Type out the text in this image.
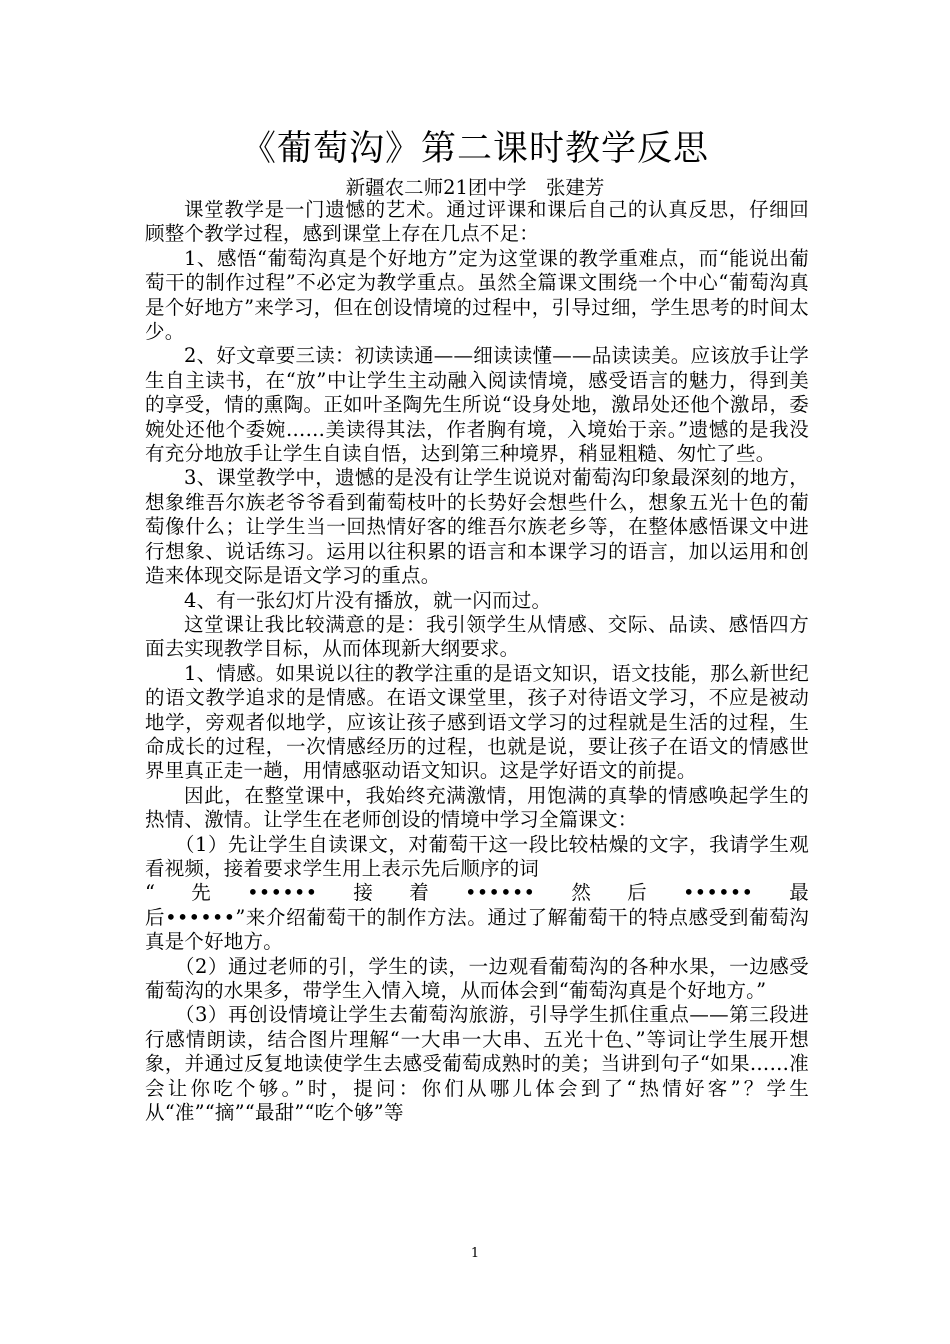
《葡萄沟》第二课时教学反思
新疆农二师21团中学　张建芳

课堂教学是一门遗憾的艺术。通过评课和课后自己的认真反思，仔细回顾整个教学过程，感到课堂上存在几点不足：

1、感悟“葡萄沟真是个好地方”定为这堂课的教学重难点，而“能说出葡萄干的制作过程”不必定为教学重点。虽然全篇课文围绕一个中心“葡萄沟真是个好地方”来学习，但在创设情境的过程中，引导过细，学生思考的时间太少。

2、好文章要三读：初读读通——细读读懂——品读读美。应该放手让学生自主读书，在“放”中让学生主动融入阅读情境，感受语言的魅力，得到美的享受，情的熏陶。正如叶圣陶先生所说“设身处地，激昂处还他个激昂，委婉处还他个委婉……美读得其法，作者胸有境，入境始于亲。”遗憾的是我没有充分地放手让学生自读自悟，达到第三种境界，稍显粗糙、匆忙了些。

3、课堂教学中，遗憾的是没有让学生说说对葡萄沟印象最深刻的地方，想象维吾尔族老爷爷看到葡萄枝叶的长势好会想些什么，想象五光十色的葡萄像什么；让学生当一回热情好客的维吾尔族老乡等，在整体感悟课文中进行想象、说话练习。运用以往积累的语言和本课学习的语言，加以运用和创造来体现交际是语文学习的重点。

4、有一张幻灯片没有播放，就一闪而过。

这堂课让我比较满意的是：我引领学生从情感、交际、品读、感悟四方面去实现教学目标，从而体现新大纲要求。

1、情感。如果说以往的教学注重的是语文知识，语文技能，那么新世纪的语文教学追求的是情感。在语文课堂里，孩子对待语文学习，不应是被动地学，旁观者似地学，应该让孩子感到语文学习的过程就是生活的过程，生命成长的过程，一次情感经历的过程，也就是说，要让孩子在语文的情感世界里真正走一趟，用情感驱动语文知识。这是学好语文的前提。

因此，在整堂课中，我始终充满激情，用饱满的真挚的情感唤起学生的热情、激情。让学生在老师创设的情境中学习全篇课文：

（1）先让学生自读课文，对葡萄干这一段比较枯燥的文字，我请学生观看视频，接着要求学生用上表示先后顺序的词

“先••••••接着••••••然后••••••最

后••••••”来介绍葡萄干的制作方法。通过了解葡萄干的特点感受到葡萄沟真是个好地方。

（2）通过老师的引，学生的读，一边观看葡萄沟的各种水果，一边感受葡萄沟的水果多，带学生入情入境，从而体会到“葡萄沟真是个好地方。”

（3）再创设情境让学生去葡萄沟旅游，引导学生抓住重点——第三段进行感情朗读，结合图片理解“一大串一大串、五光十色、”等词让学生展开想象，并通过反复地读使学生去感受葡萄成熟时的美；当讲到句子“如果……准会让你吃个够。”时，提问：你们从哪儿体会到了“热情好客”？学生从“准”“摘”“最甜”“吃个够”等

1
